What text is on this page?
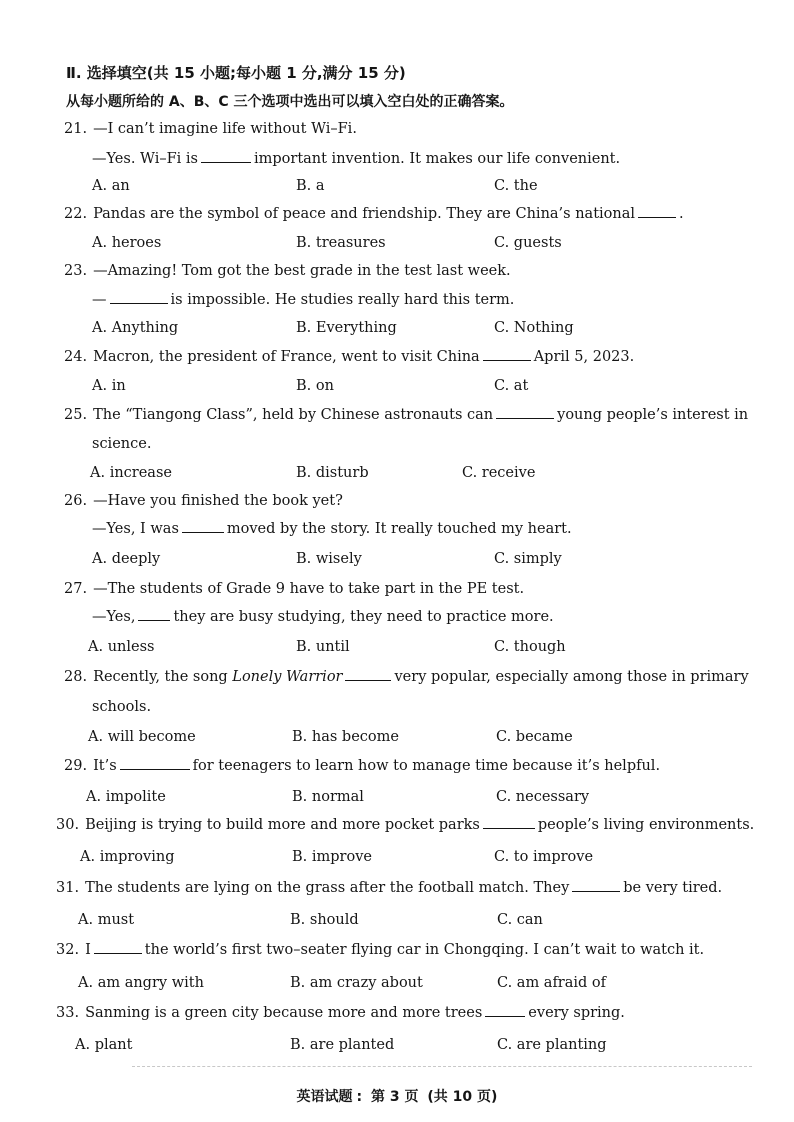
Ⅱ. 选择填空(共 15 小题;每小题 1 分,满分 15 分)
从每小题所给的 A、B、C 三个选项中选出可以填入空白处的正确答案。
21. —I can’t imagine life without Wi–Fi.
—Yes. Wi–Fi is	important invention. It makes our life convenient.
A. an	B. a	C. the
22. Pandas are the symbol of peace and friendship. They are China’s national	.
A. heroes	B. treasures	C. guests
23. —Amazing! Tom got the best grade in the test last week.
—	is impossible. He studies really hard this term.
A. Anything	B. Everything	C. Nothing
24. Macron, the president of France, went to visit China	April 5, 2023.
A. in	B. on	C. at
25. The “Tiangong Class”, held by Chinese astronauts can	young people’s interest in
science.
A. increase	B. disturb	C. receive
26. —Have you finished the book yet?
—Yes, I was	moved by the story. It really touched my heart.
A. deeply	B. wisely	C. simply
27. —The students of Grade 9 have to take part in the PE test.
—Yes,	they are busy studying, they need to practice more.
A. unless	B. until	C. though
28. Recently, the song Lonely Warrior	very popular, especially among those in primary
schools.
A. will become	B. has become	C. became
29. It’s	for teenagers to learn how to manage time because it’s helpful.
A. impolite	B. normal	C. necessary
30. Beijing is trying to build more and more pocket parks	people’s living environments.
A. improving	B. improve	C. to improve
31. The students are lying on the grass after the football match. They	be very tired.
A. must	B. should	C. can
32. I	the world’s first two–seater flying car in Chongqing. I can’t wait to watch it.
A. am angry with	B. am crazy about	C. am afraid of
33. Sanming is a green city because more and more trees	every spring.
A. plant	B. are planted	C. are planting
英语试题 : 第 3 页 (共 10 页)
